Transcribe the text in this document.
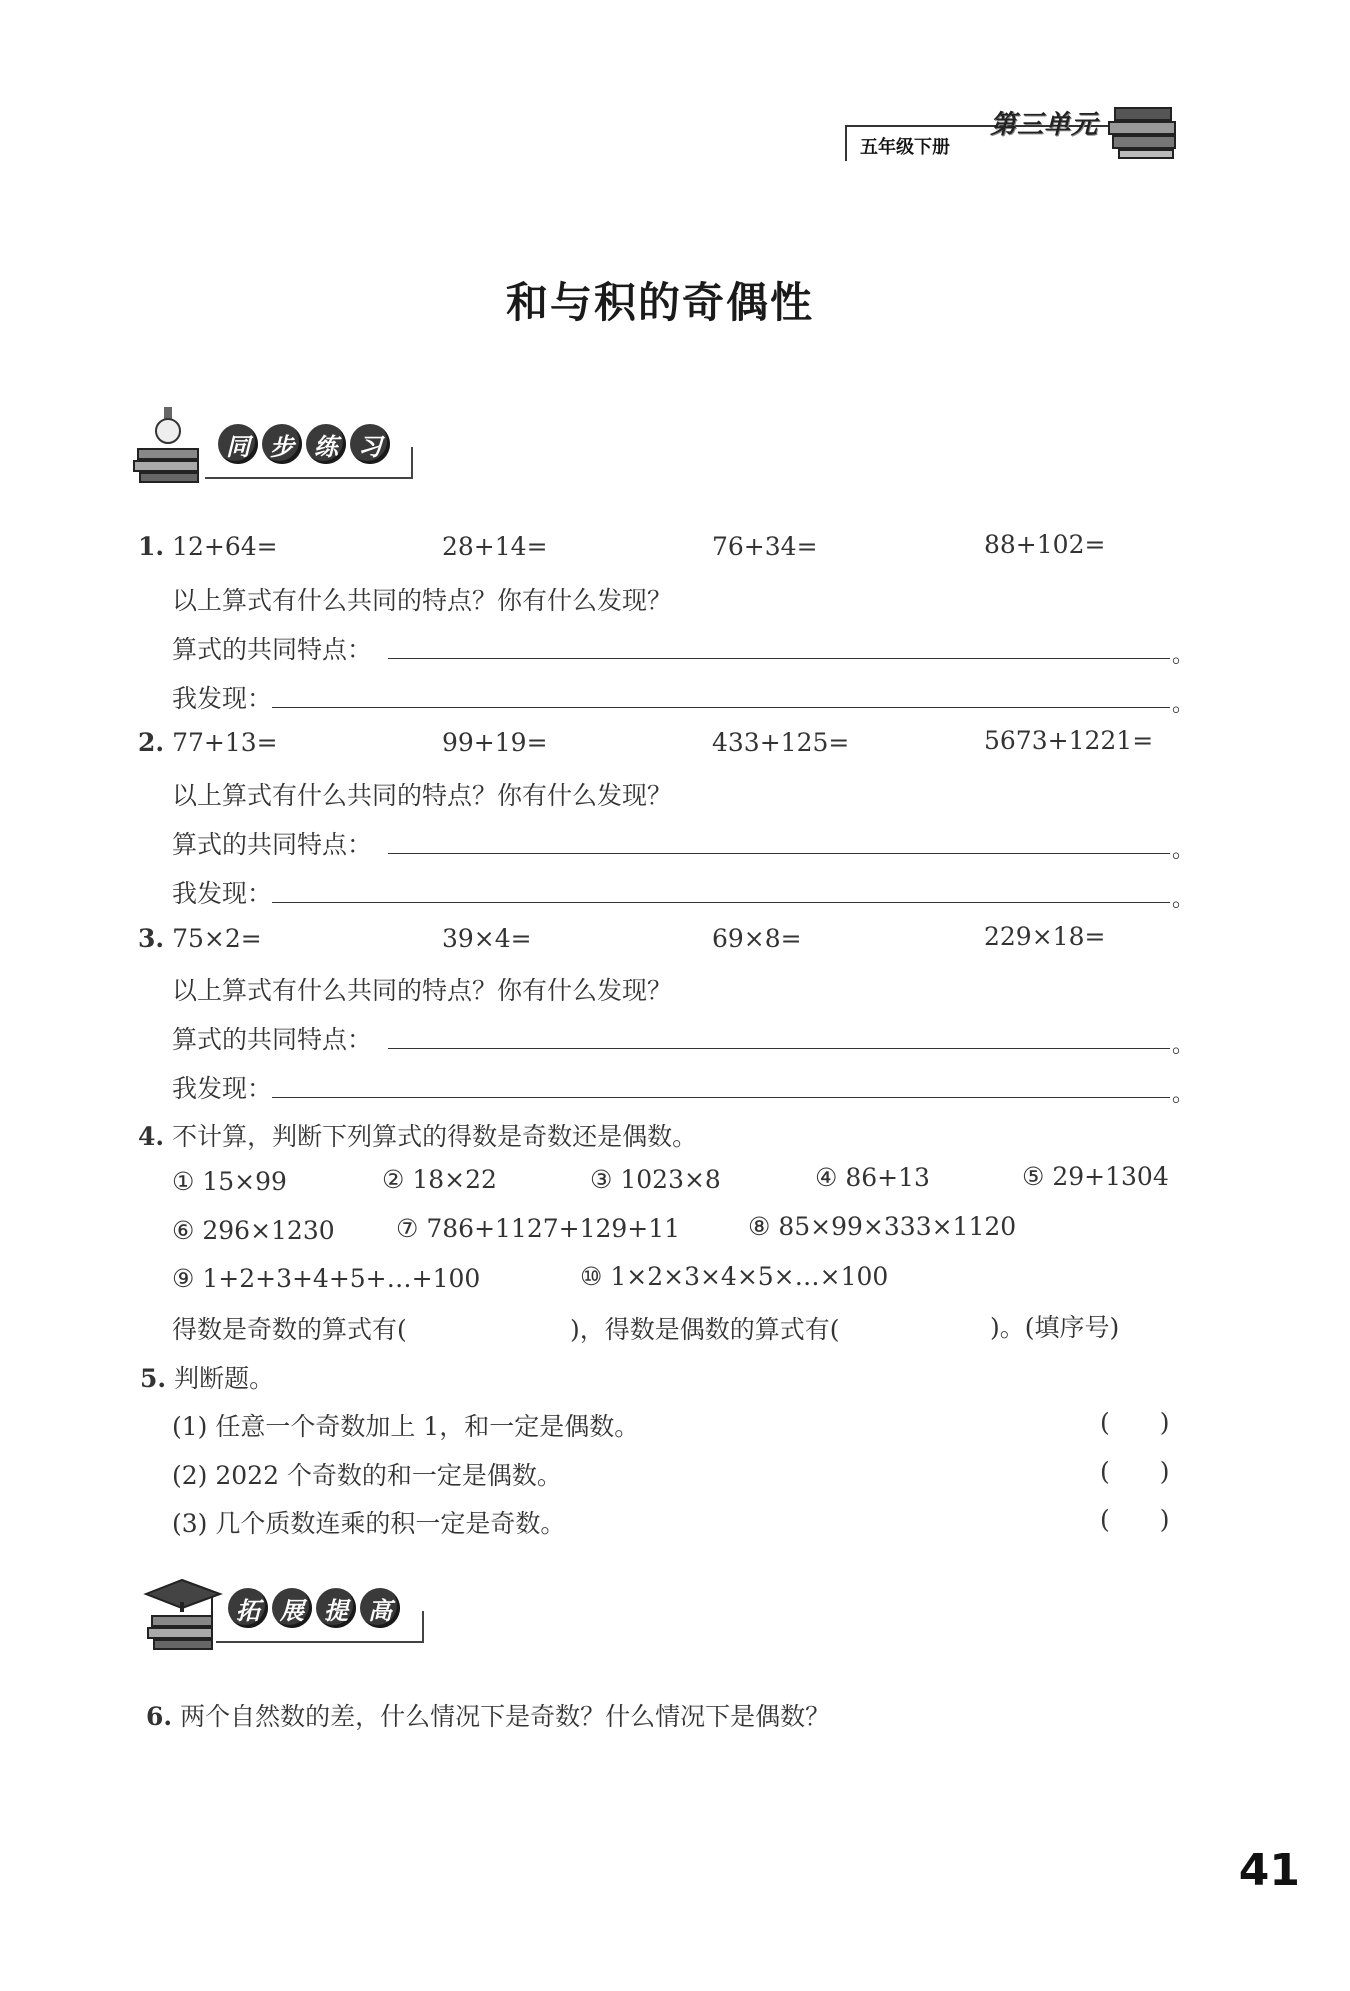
五年级下册
第三单元
和与积的奇偶性
同 步 练 习
1. 12+64=	28+14=	76+34=	88+102=
以上算式有什么共同的特点？你有什么发现？
算式的共同特点：	。
我发现：	。
2. 77+13=	99+19=	433+125=	5673+1221=
以上算式有什么共同的特点？你有什么发现？
算式的共同特点：	。
我发现：	。
3. 75×2=	39×4=	69×8=	229×18=
以上算式有什么共同的特点？你有什么发现？
算式的共同特点：	。
我发现：	。
4. 不计算，判断下列算式的得数是奇数还是偶数。
① 15×99	② 18×22	③ 1023×8	④ 86+13	⑤ 29+1304
⑥ 296×1230 ⑦ 786+1127+129+11	⑧ 85×99×333×1120
⑨ 1+2+3+4+5+…+100	⑩ 1×2×3×4×5×…×100
得数是奇数的算式有(	)，得数是偶数的算式有(	)。(填序号)
5. 判断题。
(1) 任意一个奇数加上 1，和一定是偶数。	(　　)
(2) 2022 个奇数的和一定是偶数。	(　　)
(3) 几个质数连乘的积一定是奇数。	(　　)
拓 展 提 高
6. 两个自然数的差，什么情况下是奇数？什么情况下是偶数？
41
